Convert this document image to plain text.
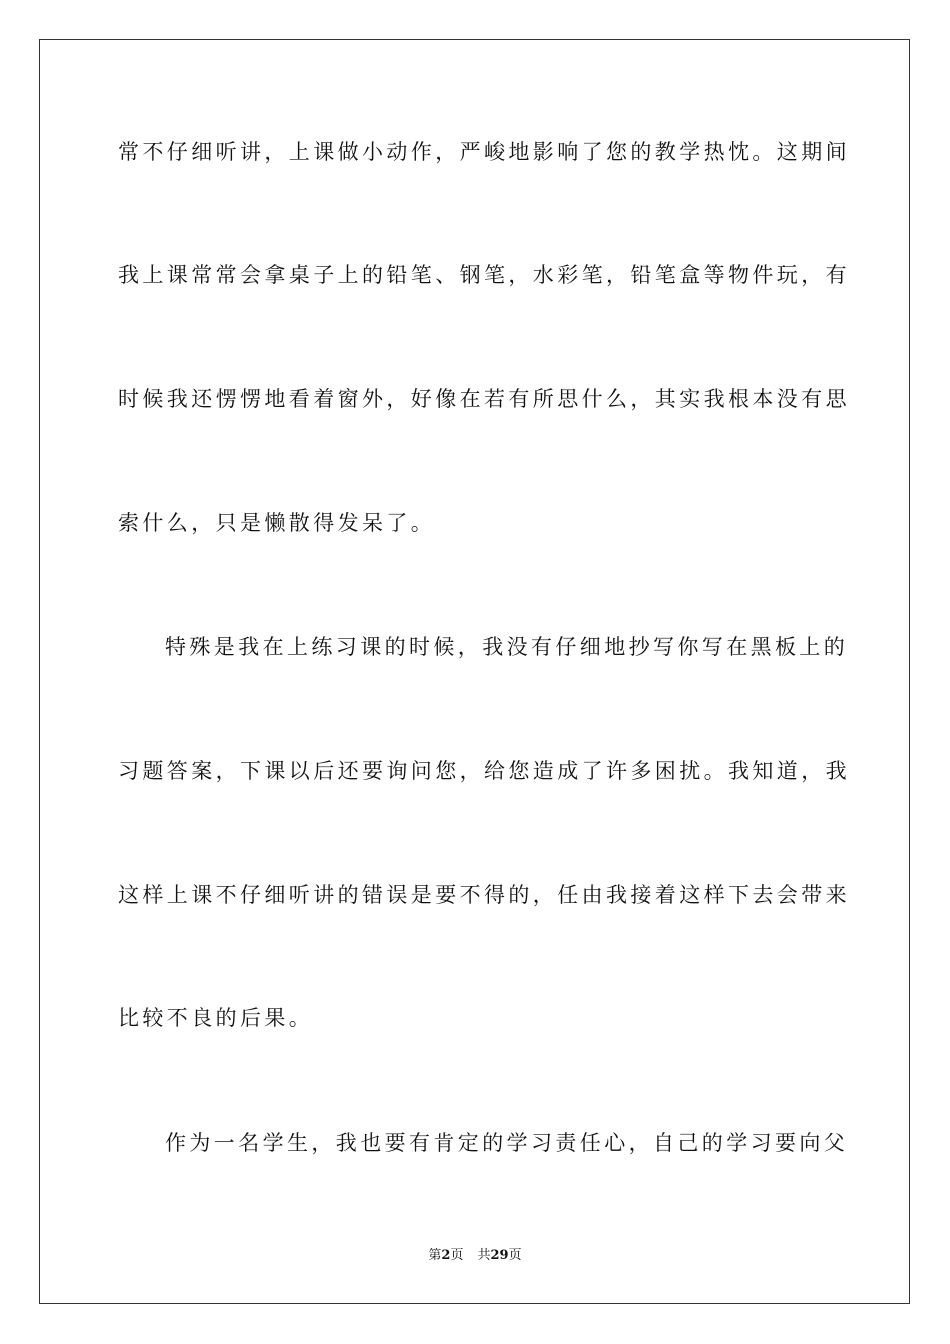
常不仔细听讲，上课做小动作，严峻地影响了您的教学热忱。这期间
我上课常常会拿桌子上的铅笔、钢笔，水彩笔，铅笔盒等物件玩，有
时候我还愣愣地看着窗外，好像在若有所思什么，其实我根本没有思
索什么，只是懒散得发呆了。
特殊是我在上练习课的时候，我没有仔细地抄写你写在黑板上的
习题答案，下课以后还要询问您，给您造成了许多困扰。我知道，我
这样上课不仔细听讲的错误是要不得的，任由我接着这样下去会带来
比较不良的后果。
作为一名学生，我也要有肯定的学习责任心，自己的学习要向父
第2页 共29页
